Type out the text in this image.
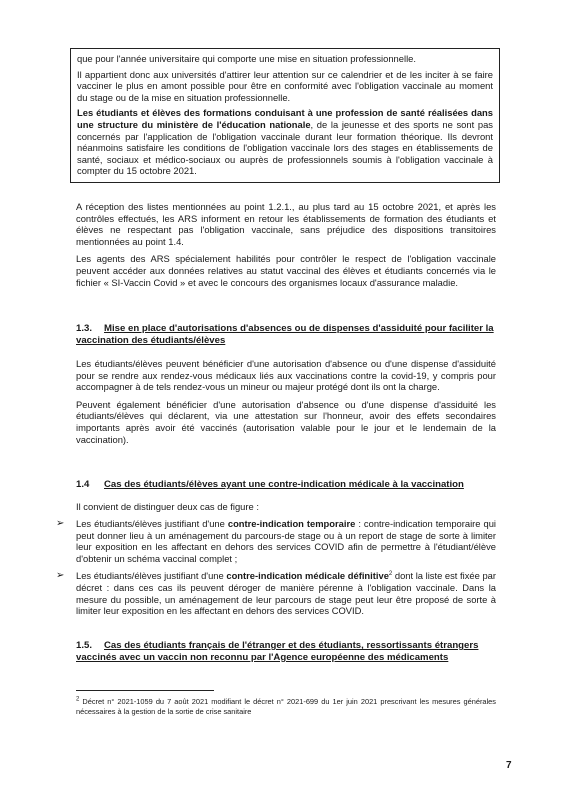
que pour l'année universitaire qui comporte une mise en situation professionnelle.

Il appartient donc aux universités d'attirer leur attention sur ce calendrier et de les inciter à se faire vacciner le plus en amont possible pour être en conformité avec l'obligation vaccinale au moment du stage ou de la mise en situation professionnelle.

Les étudiants et élèves des formations conduisant à une profession de santé réalisées dans une structure du ministère de l'éducation nationale, de la jeunesse et des sports ne sont pas concernés par l'application de l'obligation vaccinale durant leur formation théorique. Ils devront néanmoins satisfaire les conditions de l'obligation vaccinale lors des stages en établissements de santé, sociaux et médico-sociaux ou auprès de professionnels soumis à l'obligation vaccinale à compter du 15 octobre 2021.

A réception des listes mentionnées au point 1.2.1., au plus tard au 15 octobre 2021, et après les contrôles effectués, les ARS informent en retour les établissements de formation des étudiants et élèves ne respectant pas l'obligation vaccinale, sans préjudice des dispositions transitoires mentionnées au point 1.4.

Les agents des ARS spécialement habilités pour contrôler le respect de l'obligation vaccinale peuvent accéder aux données relatives au statut vaccinal des élèves et étudiants concernés via le fichier « SI-Vaccin Covid » et avec le concours des organismes locaux d'assurance maladie.

1.3. Mise en place d'autorisations d'absences ou de dispenses d'assiduité pour faciliter la vaccination des étudiants/élèves

Les étudiants/élèves peuvent bénéficier d'une autorisation d'absence ou d'une dispense d'assiduité pour se rendre aux rendez-vous médicaux liés aux vaccinations contre la covid-19, y compris pour accompagner à de tels rendez-vous un mineur ou majeur protégé dont ils ont la charge.

Peuvent également bénéficier d'une autorisation d'absence ou d'une dispense d'assiduité les étudiants/élèves qui déclarent, via une attestation sur l'honneur, avoir des effets secondaires importants après avoir été vaccinés (autorisation valable pour le jour et le lendemain de la vaccination).

1.4 Cas des étudiants/élèves ayant une contre-indication médicale à la vaccination

Il convient de distinguer deux cas de figure :

➢	Les étudiants/élèves justifiant d'une contre-indication temporaire : contre-indication temporaire qui peut donner lieu à un aménagement du parcours-de stage ou à un report de stage de sorte à limiter leur exposition en les affectant en dehors des services COVID afin de permettre à l'étudiant/élève d'obtenir un schéma vaccinal complet ;

➢	Les étudiants/élèves justifiant d'une contre-indication médicale définitive$^2$ dont la liste est fixée par décret : dans ces cas ils peuvent déroger de manière pérenne à l'obligation vaccinale. Dans la mesure du possible, un aménagement de leur parcours de stage peut leur être proposé de sorte à limiter leur exposition en les affectant en dehors des services COVID.

1.5. Cas des étudiants français de l'étranger et des étudiants, ressortissants étrangers vaccinés avec un vaccin non reconnu par l'Agence européenne des médicaments
$^2$ Décret n° 2021-1059 du 7 août 2021 modifiant le décret n° 2021-699 du 1er juin 2021 prescrivant les mesures générales nécessaires à la gestion de la sortie de crise sanitaire
7
